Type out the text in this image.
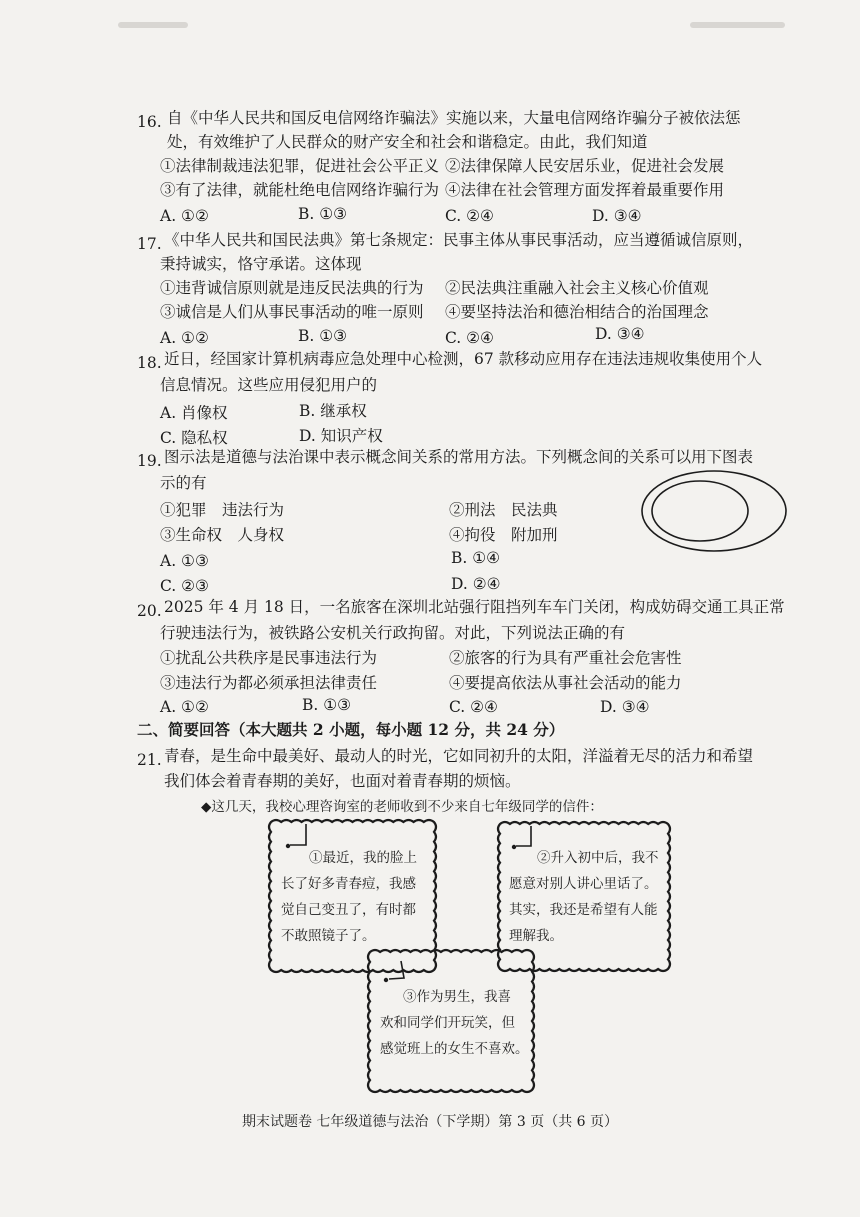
16. 自《中华人民共和国反电信网络诈骗法》实施以来，大量电信网络诈骗分子被依法惩
处，有效维护了人民群众的财产安全和社会和谐稳定。由此，我们知道
①法律制裁违法犯罪，促进社会公平正义 ②法律保障人民安居乐业，促进社会发展
③有了法律，就能杜绝电信网络诈骗行为 ④法律在社会管理方面发挥着最重要作用
A. ①②	B. ①③	C. ②④	D. ③④
17. 《中华人民共和国民法典》第七条规定：民事主体从事民事活动，应当遵循诚信原则，
秉持诚实，恪守承诺。这体现
①违背诚信原则就是违反民法典的行为 ②民法典注重融入社会主义核心价值观
③诚信是人们从事民事活动的唯一原则 ④要坚持法治和德治相结合的治国理念
A. ①②	B. ①③	C. ②④	D. ③④
18. 近日，经国家计算机病毒应急处理中心检测，67 款移动应用存在违法违规收集使用个人
信息情况。这些应用侵犯用户的
A. 肖像权	B. 继承权
C. 隐私权	D. 知识产权
19. 图示法是道德与法治课中表示概念间关系的常用方法。下列概念间的关系可以用下图表
示的有
①犯罪　违法行为	②刑法　民法典
③生命权　人身权	④拘役　附加刑
A. ①③	B. ①④
C. ②③	D. ②④
20. 2025 年 4 月 18 日，一名旅客在深圳北站强行阻挡列车车门关闭，构成妨碍交通工具正常
行驶违法行为，被铁路公安机关行政拘留。对此，下列说法正确的有
①扰乱公共秩序是民事违法行为	②旅客的行为具有严重社会危害性
③违法行为都必须承担法律责任	④要提高依法从事社会活动的能力
A. ①②	B. ①③	C. ②④	D. ③④
二、简要回答（本大题共 2 小题，每小题 12 分，共 24 分）
21. 青春，是生命中最美好、最动人的时光，它如同初升的太阳，洋溢着无尽的活力和希望
我们体会着青春期的美好，也面对着青春期的烦恼。
◆这几天，我校心理咨询室的老师收到不少来自七年级同学的信件：
①最近，我的脸上
长了好多青春痘，我感
觉自己变丑了，有时都
不敢照镜子了。
②升入初中后，我不
愿意对别人讲心里话了。
其实，我还是希望有人能
理解我。
③作为男生，我喜
欢和同学们开玩笑，但
感觉班上的女生不喜欢。
期末试题卷 七年级道德与法治（下学期）第 3 页（共 6 页）
